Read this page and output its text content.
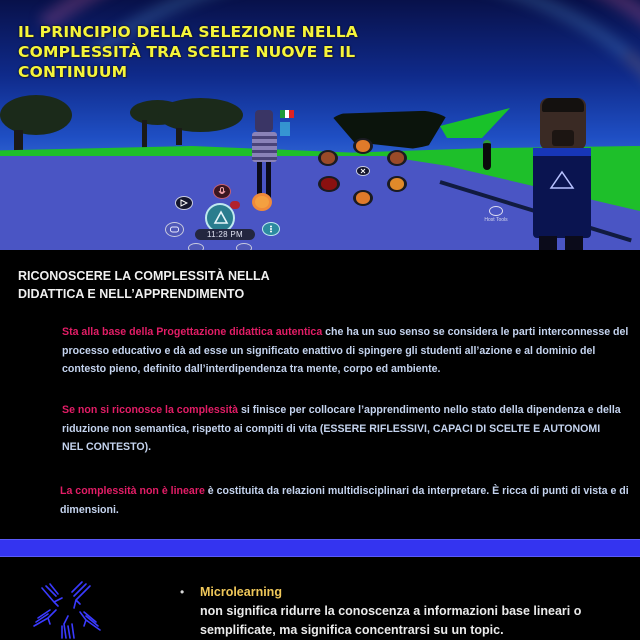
11:28 PM
Host Tools
IL PRINCIPIO DELLA SELEZIONE NELLA COMPLESSITÀ TRA SCELTE NUOVE E IL CONTINUUM
RICONOSCERE LA COMPLESSITÀ NELLA
DIDATTICA E NELL’APPRENDIMENTO
Sta alla base della Progettazione didattica autentica che ha un suo senso se considera le parti interconnesse del processo educativo e dà ad esse un significato enattivo di spingere gli studenti all’azione e al dominio del contesto pieno, definito dall’interdipendenza tra mente, corpo ed ambiente.
Se non si riconosce la complessità si finisce per collocare l’apprendimento nello stato della dipendenza e della riduzione non semantica, rispetto ai compiti di vita (ESSERE RIFLESSIVI, CAPACI DI SCELTE E AUTONOMI NEL CONTESTO).
La complessità non è lineare è costituita da relazioni multidisciplinari da interpretare. È ricca di punti di vista e di dimensioni.
• Microlearning
non significa ridurre la conoscenza a informazioni base lineari o semplificate, ma significa concentrarsi su un topic.
